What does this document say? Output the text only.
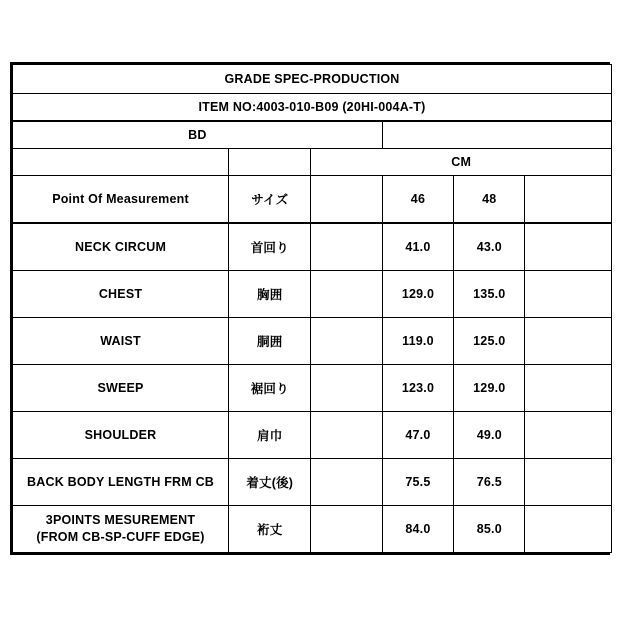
GRADE SPEC-PRODUCTION					
ITEM NO:4003-010-B09 (20HI-004A-T)					
BD					
		CM			
Point Of Measurement	サイズ		46	48	
NECK CIRCUM	首回り		41.0	43.0	
CHEST	胸囲		129.0	135.0	
WAIST	胴囲		119.0	125.0	
SWEEP	裾回り		123.0	129.0	
SHOULDER	肩巾		47.0	49.0	
BACK BODY LENGTH FRM CB	着丈(後)		75.5	76.5	

3POINTS MESUREMENT
(FROM CB-SP-CUFF EDGE)	裄丈		84.0	85.0	
